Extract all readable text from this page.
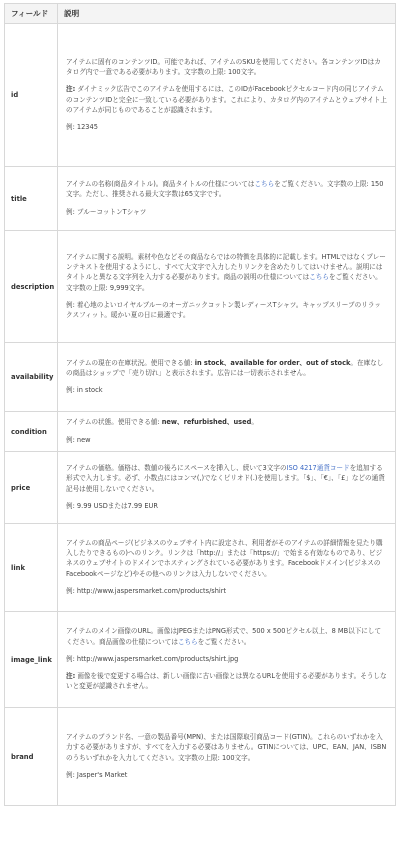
フィールド	説明
id	アイテムに固有のコンテンツID。可能であれば、アイテムのSKUを使用してください。各コンテンツIDはカタログ内で一意である必要があります。文字数の上限: 100文字。

注: ダイナミック広告でこのアイテムを使用するには、このIDがFacebookピクセルコード内の同じアイテムのコンテンツIDと完全に一致している必要があります。これにより、カタログ内のアイテムとウェブサイト上のアイテムが同じものであることが認識されます。

例: 12345

title	アイテムの名称(商品タイトル)。商品タイトルの仕様についてはこちらをご覧ください。文字数の上限: 150文字。ただし、推奨される最大文字数は65文字です。

例: ブルーコットンTシャツ

description	アイテムに関する説明。素材や色などその商品ならではの特徴を具体的に記載します。HTMLではなくプレーンテキストを使用するようにし、すべて大文字で入力したりリンクを含めたりしてはいけません。説明にはタイトルと異なる文字列を入力する必要があります。商品の説明の仕様についてはこちらをご覧ください。文字数の上限: 9,999文字。

例: 着心地のよいロイヤルブルーのオーガニックコットン製レディースTシャツ。キャップスリーブのリラックスフィット。暖かい夏の日に最適です。

availability	アイテムの現在の在庫状況。使用できる値: in stock、available for order、out of stock。在庫なしの商品はショップで「売り切れ」と表示されます。広告には一切表示されません。

例: in stock

condition	アイテムの状態。使用できる値: new、refurbished、used。

例: new

price	アイテムの価格。価格は、数値の後ろにスペースを挿入し、続いて3文字のISO 4217通貨コードを追加する形式で入力します。必ず、小数点にはコンマ(,)でなくピリオド(.)を使用します。「$」、「€」、「£」などの通貨記号は使用しないでください。

例: 9.99 USDまたは7.99 EUR

link	アイテムの商品ページ(ビジネスのウェブサイト内に設定され、利用者がそのアイテムの詳細情報を見たり購入したりできるもの)へのリンク。リンクは「http://」または「https://」で始まる有効なものであり、ビジネスのウェブサイトのドメインでホスティングされている必要があります。Facebookドメイン(ビジネスのFacebookページなど)やその他へのリンクは入力しないでください。

例: http://www.jaspersmarket.com/products/shirt

image_link	アイテムのメイン画像のURL。画像はJPEGまたはPNG形式で、500 x 500ピクセル以上、8 MB以下にしてください。商品画像の仕様についてはこちらをご覧ください。

例: http://www.jaspersmarket.com/products/shirt.jpg

注: 画像を後で変更する場合は、新しい画像に古い画像とは異なるURLを使用する必要があります。そうしないと変更が認識されません。

brand	アイテムのブランド名、一意の製品番号(MPN)、または国際取引商品コード(GTIN)。これらのいずれかを入力する必要がありますが、すべてを入力する必要はありません。GTINについては、UPC、EAN、JAN、ISBNのうちいずれかを入力してください。文字数の上限: 100文字。

例: Jasper's Market
